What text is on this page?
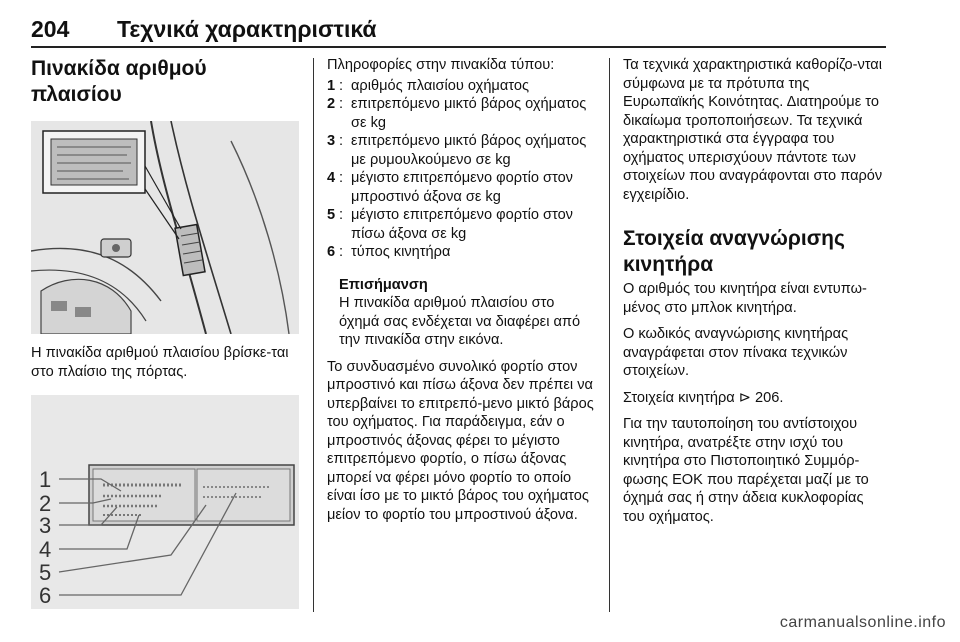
204 Τεχνικά χαρακτηριστικά
Πινακίδα αριθμού πλαισίου

Η πινακίδα αριθμού πλαισίου βρίσκε-ται στο πλαίσιο της πόρτας.

1
2
3
4
5
6

Πληροφορίες στην πινακίδα τύπου:

1 : αριθμός πλαισίου οχήματος
2 : επιτρεπόμενο μικτό βάρος οχήματος σε kg
3 : επιτρεπόμενο μικτό βάρος οχήματος με ρυμουλκούμενο σε kg
4 : μέγιστο επιτρεπόμενο φορτίο στον μπροστινό άξονα σε kg
5 : μέγιστο επιτρεπόμενο φορτίο στον πίσω άξονα σε kg
6 : τύπος κινητήρα
Επισήμανση

Η πινακίδα αριθμού πλαισίου στο όχημά σας ενδέχεται να διαφέρει από την πινακίδα στην εικόνα.

Το συνδυασμένο συνολικό φορτίο στον μπροστινό και πίσω άξονα δεν πρέπει να υπερβαίνει το επιτρεπό-μενο μικτό βάρος του οχήματος. Για παράδειγμα, εάν ο μπροστινός άξονας φέρει το μέγιστο επιτρεπόμενο φορτίο, ο πίσω άξονας μπορεί να φέρει μόνο φορτίο το οποίο είναι ίσο με το μικτό βάρος του οχήματος μείον το φορτίο του μπροστινού άξονα.

Τα τεχνικά χαρακτηριστικά καθορίζο-νται σύμφωνα με τα πρότυπα της Ευρωπαϊκής Κοινότητας. Διατηρούμε το δικαίωμα τροποποιήσεων. Τα τεχνικά χαρακτηριστικά στα έγγραφα του οχήματος υπερισχύουν πάντοτε των στοιχείων που αναγράφονται στο παρόν εγχειρίδιο.

Στοιχεία αναγνώρισης κινητήρα

Ο αριθμός του κινητήρα είναι εντυπω-μένος στο μπλοκ κινητήρα.

Ο κωδικός αναγνώρισης κινητήρας αναγράφεται στον πίνακα τεχνικών στοιχείων.

Στοιχεία κινητήρα ⊳ 206.

Για την ταυτοποίηση του αντίστοιχου κινητήρα, ανατρέξτε στην ισχύ του κινητήρα στο Πιστοποιητικό Συμμόρ-φωσης ΕΟΚ που παρέχεται μαζί με το όχημά σας ή στην άδεια κυκλοφορίας του οχήματος.

carmanualsonline.info
